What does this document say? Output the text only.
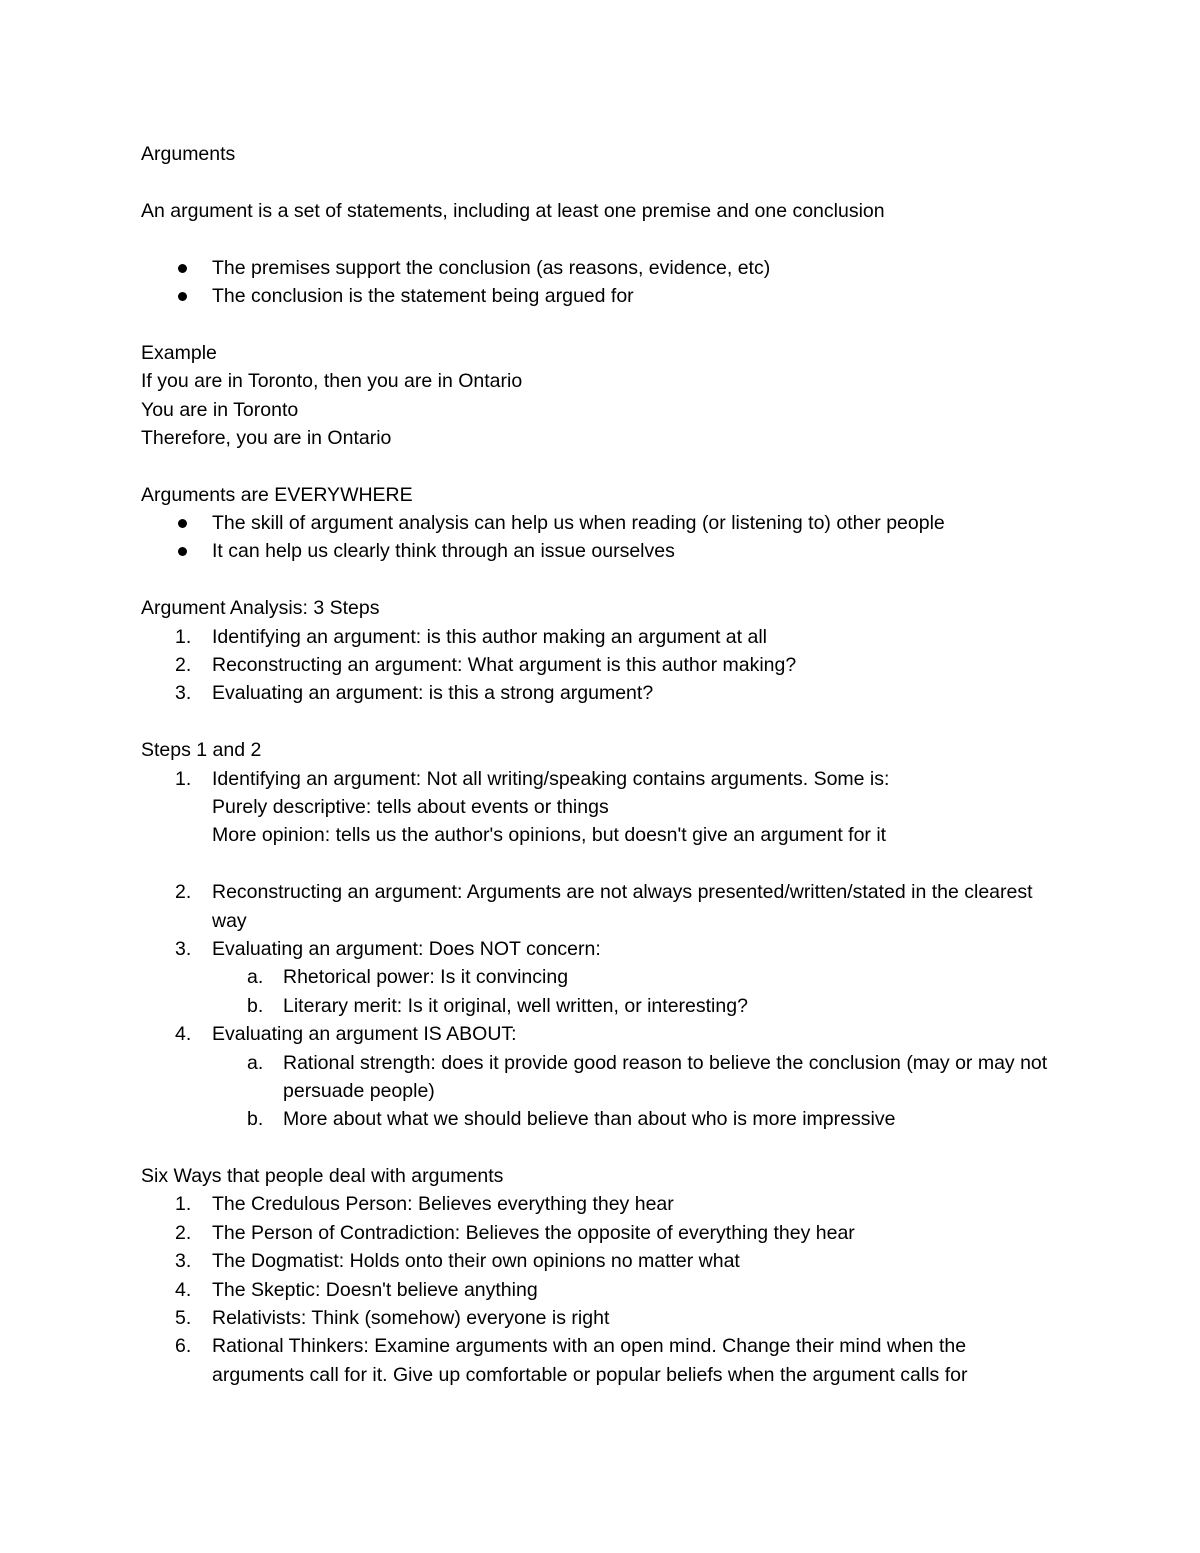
Arguments
An argument is a set of statements, including at least one premise and one conclusion
The premises support the conclusion (as reasons, evidence, etc)
The conclusion is the statement being argued for
Example
If you are in Toronto, then you are in Ontario
You are in Toronto
Therefore, you are in Ontario
Arguments are EVERYWHERE
The skill of argument analysis can help us when reading (or listening to) other people
It can help us clearly think through an issue ourselves
Argument Analysis: 3 Steps
1. Identifying an argument: is this author making an argument at all
2. Reconstructing an argument: What argument is this author making?
3. Evaluating an argument: is this a strong argument?
Steps 1 and 2
1. Identifying an argument: Not all writing/speaking contains arguments. Some is:
Purely descriptive: tells about events or things
More opinion: tells us the author's opinions, but doesn't give an argument for it
2. Reconstructing an argument: Arguments are not always presented/written/stated in the clearest way
3. Evaluating an argument: Does NOT concern:
a. Rhetorical power: Is it convincing
b. Literary merit: Is it original, well written, or interesting?
4. Evaluating an argument IS ABOUT:
a. Rational strength: does it provide good reason to believe the conclusion (may or may not persuade people)
b. More about what we should believe than about who is more impressive
Six Ways that people deal with arguments
1. The Credulous Person: Believes everything they hear
2. The Person of Contradiction: Believes the opposite of everything they hear
3. The Dogmatist: Holds onto their own opinions no matter what
4. The Skeptic: Doesn't believe anything
5. Relativists: Think (somehow) everyone is right
6. Rational Thinkers: Examine arguments with an open mind. Change their mind when the arguments call for it. Give up comfortable or popular beliefs when the argument calls for
